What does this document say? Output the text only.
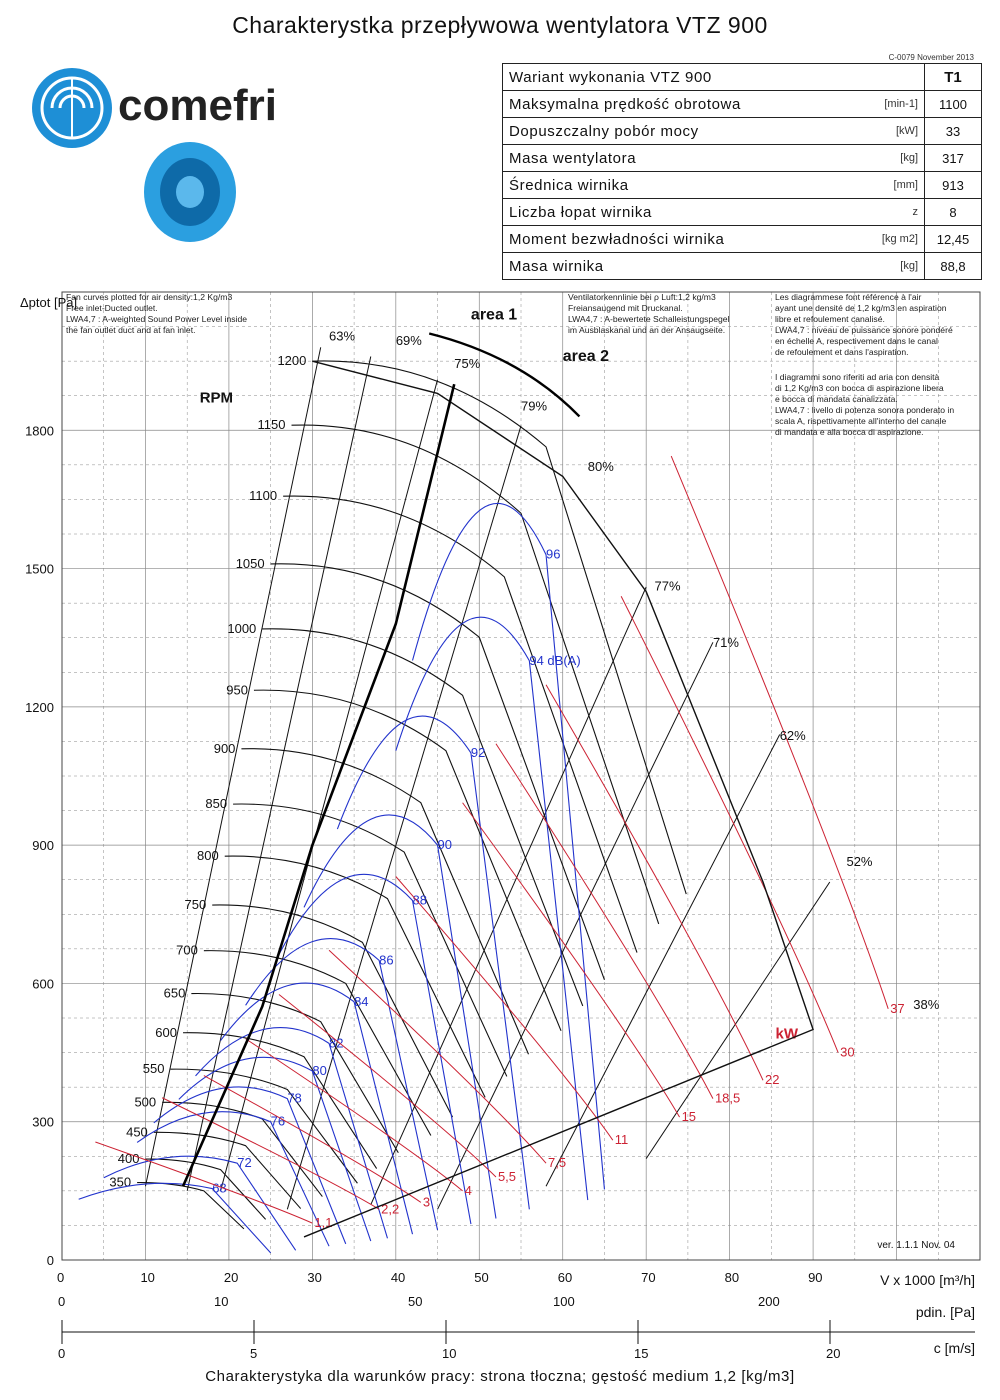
Charakterystka przepływowa wentylatora VTZ 900
C-0079 November 2013
comefri
Wariant wykonania VTZ 900		T1
Maksymalna prędkość obrotowa	[min-1]	1100
Dopuszczalny pobór mocy	[kW]	33
Masa wentylatora	[kg]	317
Średnica wirnika	[mm]	913
Liczba łopat wirnika	z	8
Moment bezwładności wirnika	[kg m2]	12,45
Masa wirnika	[kg]	88,8
0	10	20	30	40	50	60	70	80	90
0
300
600
900
1200
1500
1800
V x 1000 [m³/h]
Δptot [Pa]
0	10	50	100	200
pdin. [Pa]
0	5	10	15	20	c [m/s]
350
400
450
500
550
600
650
700
750
800
850
900
950
1000
1050
1100
1150
1200
RPM
68
72
76
78
80
82
84
86
88
90
92
94 dB(A)
96
1,1
2,2 3
4
5,5
7,5
11
15
18,5
22
30
37
kW
area 1
area 2
63%	69%
75%
79%
80%
77%
71%
62%
52%
38%
ver. 1.1.1 Nov. 04
Fan curves plotted for air density:1,2 Kg/m3
Free inlet-Ducted outlet.
LWA4,7 : A-weighted Sound Power Level inside
the fan outlet duct and at fan inlet.
Ventilatorkennlinie bei ρ Luft:1,2 kg/m3
Freiansaugend mit Druckanal.
LWA4,7 : A-bewertete Schalleistungspegel
im Ausblaskanal und an der Ansaugseite.
Les diagrammese font référence à l'air
ayant une densité de 1,2 kg/m3 en aspiration
libre et refoulement canalisé.
LWA4,7 : niveau de puissance sonore pondéré
en échelle A, respectivement dans le canal
de refoulement et dans l'aspiration.
I diagrammi sono riferiti ad aria con densità
di 1,2 Kg/m3 con bocca di aspirazione libera
e bocca di mandata canalizzata.
LWA4,7 : livello di potenza sonora ponderato in
scala A, rispettivamente all'interno del canale
di mandata e alla bocca di aspirazione.
Charakterystyka dla warunków pracy: strona tłoczna; gęstość medium 1,2 [kg/m3]
